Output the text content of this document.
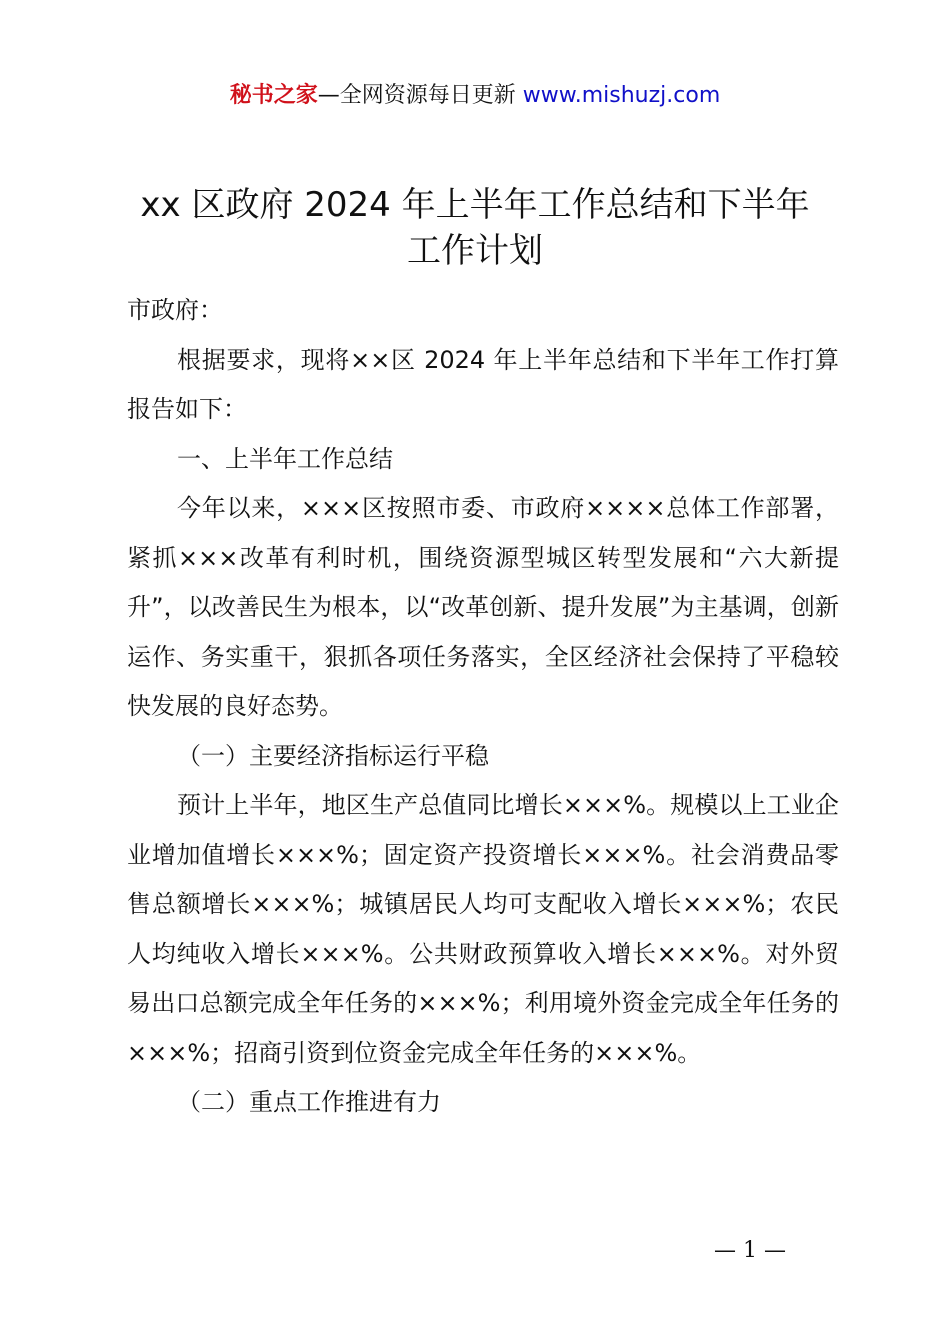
秘书之家—全网资源每日更新 www.mishuzj.com
xx 区政府 2024 年上半年工作总结和下半年
工作计划

市政府：

根据要求，现将××区 2024 年上半年总结和下半年工作打算报告如下：

一、上半年工作总结

今年以来，×××区按照市委、市政府××××总体工作部署，紧抓×××改革有利时机，围绕资源型城区转型发展和“六大新提升”，以改善民生为根本，以“改革创新、提升发展”为主基调，创新运作、务实重干，狠抓各项任务落实，全区经济社会保持了平稳较快发展的良好态势。

（一）主要经济指标运行平稳

预计上半年，地区生产总值同比增长×××%。规模以上工业企业增加值增长×××%；固定资产投资增长×××%。社会消费品零售总额增长×××%；城镇居民人均可支配收入增长×××%；农民人均纯收入增长×××%。公共财政预算收入增长×××%。对外贸易出口总额完成全年任务的×××%；利用境外资金完成全年任务的×××%；招商引资到位资金完成全年任务的×××%。

（二）重点工作推进有力

— 1 —
